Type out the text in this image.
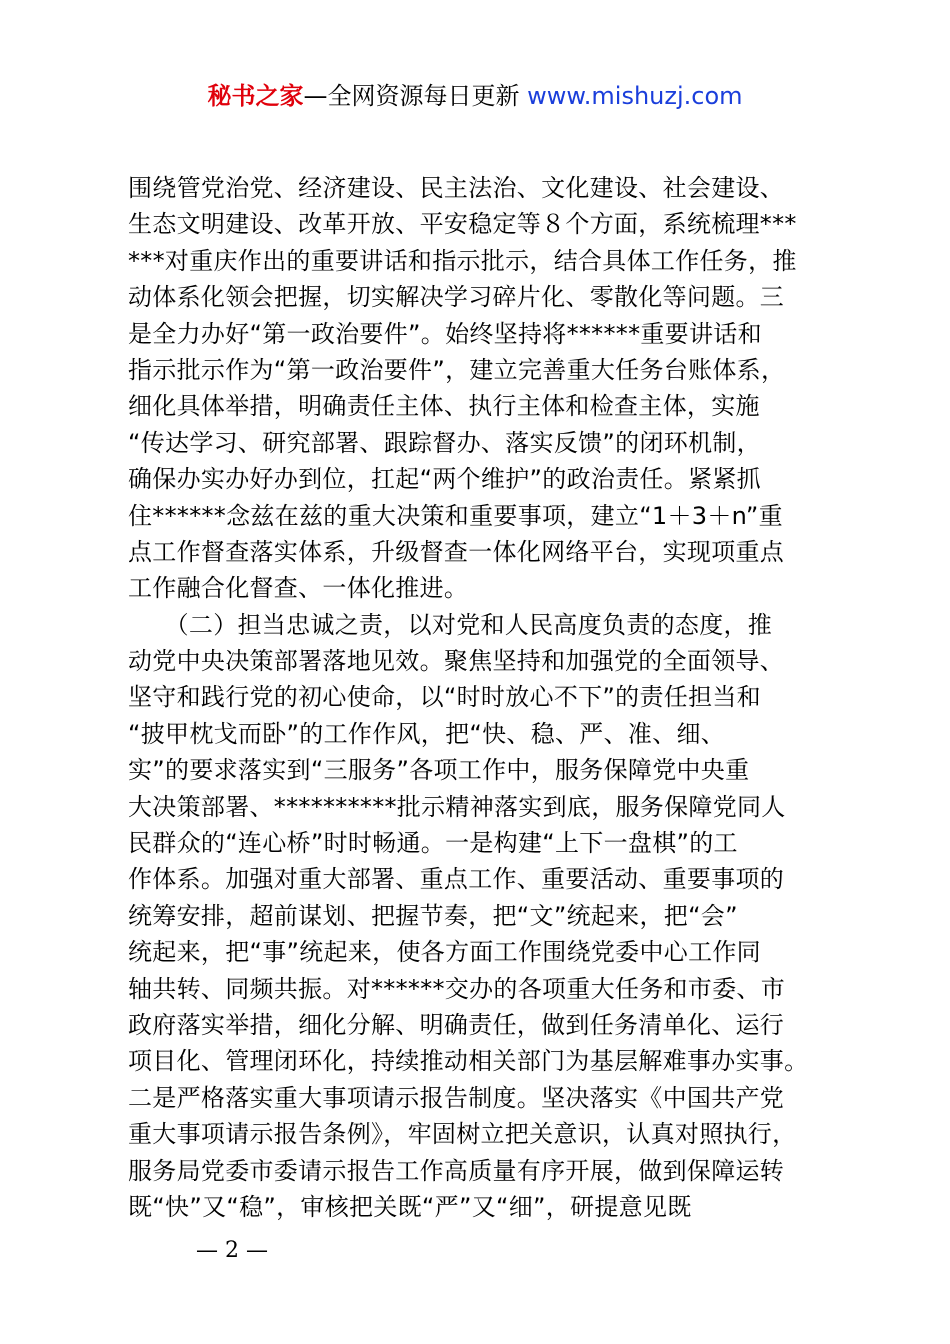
秘书之家—全网资源每日更新 www.mishuzj.com
围绕管党治党、经济建设、民主法治、文化建设、社会建设、
生态文明建设、改革开放、平安稳定等８个方面，系统梳理***
***对重庆作出的重要讲话和指示批示，结合具体工作任务，推
动体系化领会把握，切实解决学习碎片化、零散化等问题。三
是全力办好“第一政治要件”。始终坚持将******重要讲话和
指示批示作为“第一政治要件”，建立完善重大任务台账体系，
细化具体举措，明确责任主体、执行主体和检查主体，实施
“传达学习、研究部署、跟踪督办、落实反馈”的闭环机制，
确保办实办好办到位，扛起“两个维护”的政治责任。紧紧抓
住******念兹在兹的重大决策和重要事项，建立“1＋3＋n”重
点工作督查落实体系，升级督查一体化网络平台，实现项重点
工作融合化督查、一体化推进。
　　（二）担当忠诚之责，以对党和人民高度负责的态度，推
动党中央决策部署落地见效。聚焦坚持和加强党的全面领导、
坚守和践行党的初心使命，以“时时放心不下”的责任担当和
“披甲枕戈而卧”的工作作风，把“快、稳、严、准、细、
实”的要求落实到“三服务”各项工作中，服务保障党中央重
大决策部署、**********批示精神落实到底，服务保障党同人
民群众的“连心桥”时时畅通。一是构建“上下一盘棋”的工
作体系。加强对重大部署、重点工作、重要活动、重要事项的
统筹安排，超前谋划、把握节奏，把“文”统起来，把“会”
统起来，把“事”统起来，使各方面工作围绕党委中心工作同
轴共转、同频共振。对******交办的各项重大任务和市委、市
政府落实举措，细化分解、明确责任，做到任务清单化、运行
项目化、管理闭环化，持续推动相关部门为基层解难事办实事。
二是严格落实重大事项请示报告制度。坚决落实《中国共产党
重大事项请示报告条例》，牢固树立把关意识，认真对照执行，
服务局党委市委请示报告工作高质量有序开展，做到保障运转
既“快”又“稳”，审核把关既“严”又“细”，研提意见既
— 2 —
